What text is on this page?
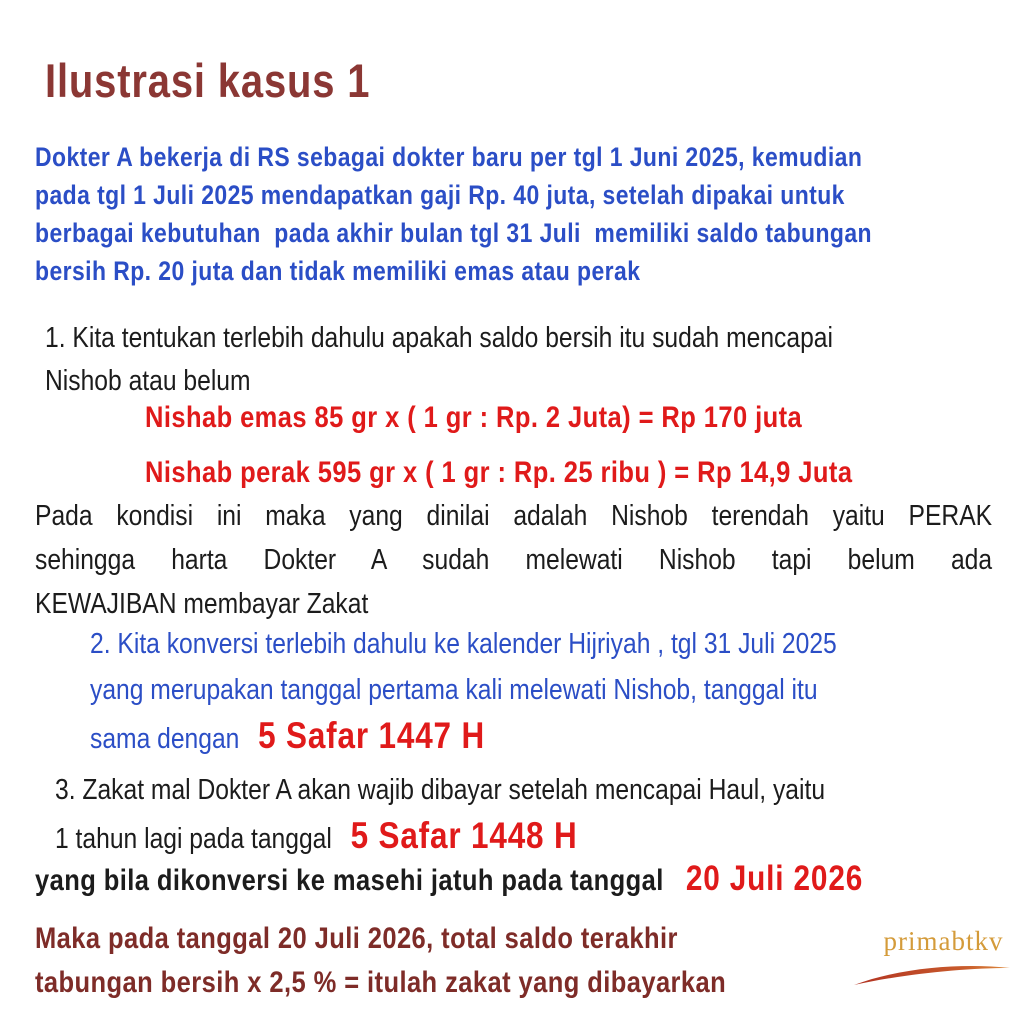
Ilustrasi kasus 1

Dokter A bekerja di RS sebagai dokter baru per tgl 1 Juni 2025, kemudian
pada tgl 1 Juli 2025 mendapatkan gaji Rp. 40 juta, setelah dipakai untuk
berbagai kebutuhan  pada akhir bulan tgl 31 Juli  memiliki saldo tabungan
bersih Rp. 20 juta dan tidak memiliki emas atau perak

1. Kita tentukan terlebih dahulu apakah saldo bersih itu sudah mencapai
Nishob atau belum

Nishab emas 85 gr x ( 1 gr : Rp. 2 Juta) = Rp 170 juta

Nishab perak 595 gr x ( 1 gr : Rp. 25 ribu ) = Rp 14,9 Juta

Pada kondisi ini maka yang dinilai adalah Nishob terendah yaitu PERAK
sehingga harta Dokter A sudah melewati Nishob tapi belum ada
KEWAJIBAN membayar Zakat

2. Kita konversi terlebih dahulu ke kalender Hijriyah , tgl 31 Juli 2025
yang merupakan tanggal pertama kali melewati Nishob, tanggal itu
sama dengan 5 Safar 1447 H

3. Zakat mal Dokter A akan wajib dibayar setelah mencapai Haul, yaitu
1 tahun lagi pada tanggal 5 Safar 1448 H

yang bila dikonversi ke masehi jatuh pada tanggal 20 Juli 2026

Maka pada tanggal 20 Juli 2026, total saldo terakhir
tabungan bersih x 2,5 % = itulah zakat yang dibayarkan

primabtkv
